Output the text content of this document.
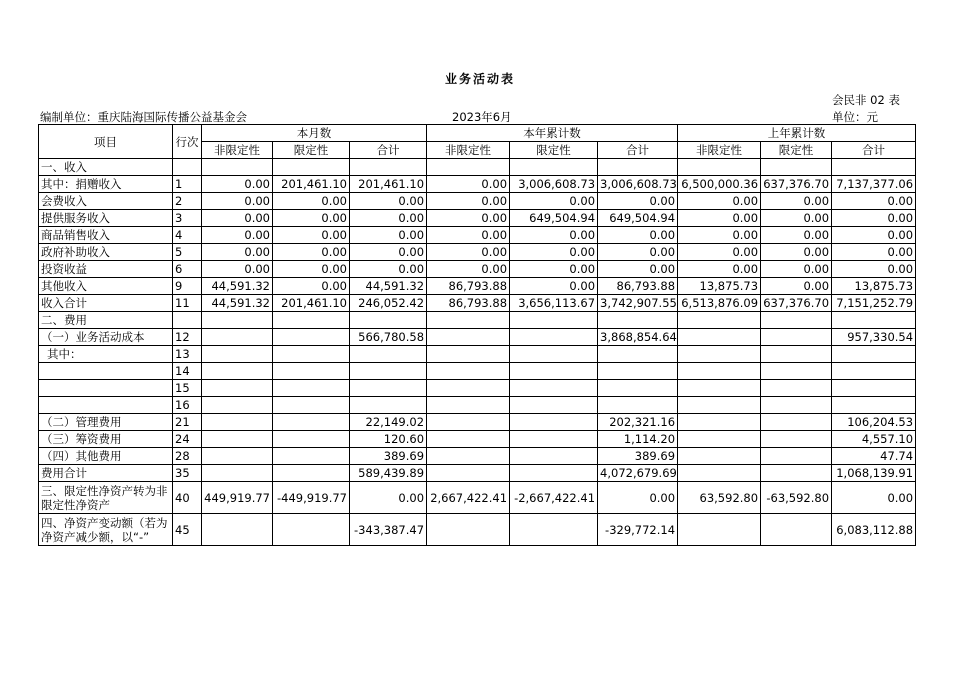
业务活动表
会民非 02 表
单位：元
编制单位：重庆陆海国际传播公益基金会	2023年6月
项目	行次	本月数			本年累计数			上年累计数		
		非限定性	限定性	合计	非限定性	限定性	合计	非限定性	限定性	合计
一、收入										
其中：捐赠收入	1	0.00	201,461.10	201,461.10	0.00	3,006,608.73	3,006,608.73	6,500,000.36	637,376.70	7,137,377.06
会费收入	2	0.00	0.00	0.00	0.00	0.00	0.00	0.00	0.00	0.00
提供服务收入	3	0.00	0.00	0.00	0.00	649,504.94	649,504.94	0.00	0.00	0.00
商品销售收入	4	0.00	0.00	0.00	0.00	0.00	0.00	0.00	0.00	0.00
政府补助收入	5	0.00	0.00	0.00	0.00	0.00	0.00	0.00	0.00	0.00
投资收益	6	0.00	0.00	0.00	0.00	0.00	0.00	0.00	0.00	0.00
其他收入	9	44,591.32	0.00	44,591.32	86,793.88	0.00	86,793.88	13,875.73	0.00	13,875.73
收入合计	11	44,591.32	201,461.10	246,052.42	86,793.88	3,656,113.67	3,742,907.55	6,513,876.09	637,376.70	7,151,252.79
二、费用										
（一）业务活动成本	12			566,780.58			3,868,854.64			957,330.54
其中：	13									
	14									
	15									
	16									
（二）管理费用	21			22,149.02			202,321.16			106,204.53
（三）筹资费用	24			120.60			1,114.20			4,557.10
（四）其他费用	28			389.69			389.69			47.74
费用合计	35			589,439.89			4,072,679.69			1,068,139.91
三、限定性净资产转为非限定性净资产	40	449,919.77	-449,919.77	0.00	2,667,422.41	-2,667,422.41	0.00	63,592.80	-63,592.80	0.00
四、净资产变动额（若为净资产减少额，以“-”	45			-343,387.47			-329,772.14			6,083,112.88
